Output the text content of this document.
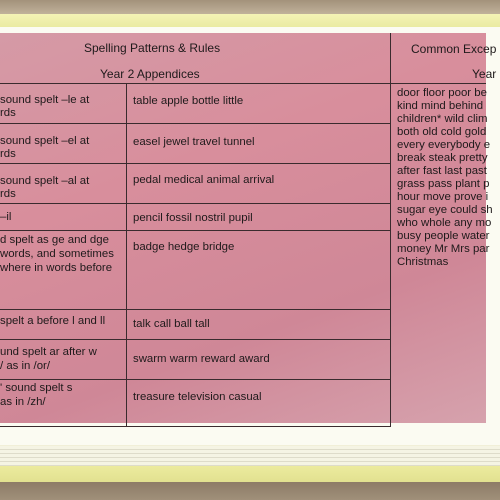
Spelling Patterns & Rules
Year 2 Appendices
Common Excep
Year
sound spelt –le at
rds
table apple bottle little
sound spelt –el at
rds
easel jewel travel tunnel
sound spelt –al at
rds
pedal medical animal arrival
–il	pencil fossil nostril pupil
d spelt as ge and dge
words, and sometimes
where in words before
badge hedge bridge
spelt a before l and ll talk call ball tall
und spelt ar after w
/ as in /or/
swarm warm reward award
' sound spelt s
as in /zh/	treasure television casual
door floor poor be
kind mind behind
children* wild clim
both old cold gold
every everybody e
break steak pretty
after fast last past
grass pass plant p
hour move prove i
sugar eye could sh
who whole any mo
busy people water
money Mr Mrs par
Christmas
